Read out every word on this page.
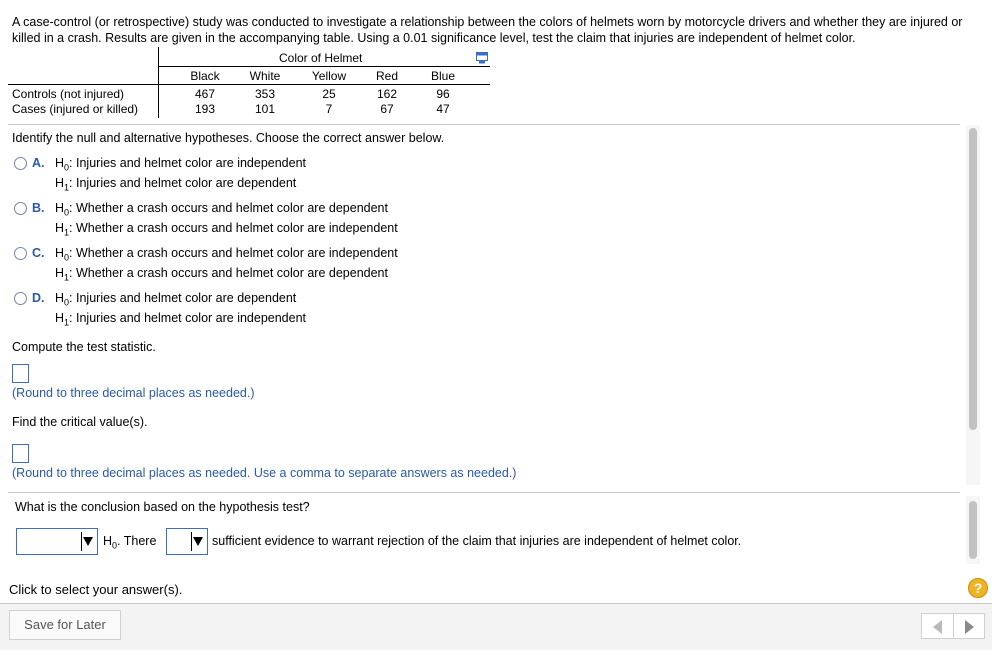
A case-control (or retrospective) study was conducted to investigate a relationship between the colors of helmets worn by motorcycle drivers and whether they are injured or killed in a crash. Results are given in the accompanying table. Using a 0.01 significance level, test the claim that injuries are independent of helmet color.
Color of Helmet
Black	White	Yellow	Red	Blue
Controls (not injured)	467	353	25	162	96
Cases (injured or killed)	193	101	7	67	47
Identify the null and alternative hypotheses. Choose the correct answer below.
A. $H_0$: Injuries and helmet color are independent
$H_1$: Injuries and helmet color are dependent
B. $H_0$: Whether a crash occurs and helmet color are dependent
$H_1$: Whether a crash occurs and helmet color are independent
C. $H_0$: Whether a crash occurs and helmet color are independent
$H_1$: Whether a crash occurs and helmet color are dependent
D. $H_0$: Injuries and helmet color are dependent
$H_1$: Injuries and helmet color are independent
Compute the test statistic.
(Round to three decimal places as needed.)
Find the critical value(s).
(Round to three decimal places as needed. Use a comma to separate answers as needed.)
What is the conclusion based on the hypothesis test?
$H_0$. There	sufficient evidence to warrant rejection of the claim that injuries are independent of helmet color.
Click to select your answer(s).	?
Save for Later
